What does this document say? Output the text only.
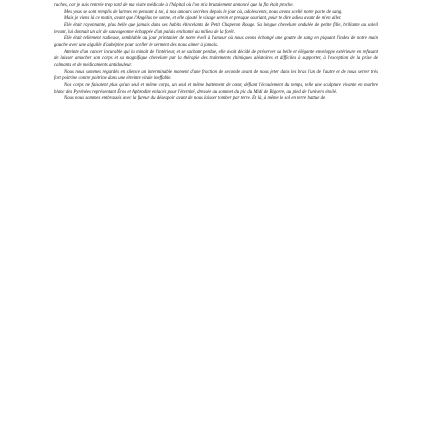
ruches, car je suis rentrée trop tard de ma visite médicale à l'hôpital où l'on m'a brutalement annoncé que la fin était proche.

Mes yeux se sont remplis de larmes en pensant à toi, à nos amours secrètes depuis le jour où, adolescents, nous avons scellé notre pacte de sang.

Mais je viens là ce matin, avant que l'Angélus ne sonne, et elle ajouté le visage serein et presque souriant, pour te dire adieu avant de m'en aller.

Elle était rayonnante, plus belle que jamais dans ses habits étincelants de Petit Chaperon Rouge. Sa longue chevelure ondulée de petite fille, brillante au soleil levant, lui donnait un air de sauvageonne échappée d'un palais enchanté au milieu de la forêt.

Elle était tellement radieuse, semblable au jour printanier de notre éveil à l'amour où nous avons échangé une goutte de sang en piquant l'index de notre main gauche avec une aiguille d'aubépine pour sceller le serment des nous aimer à jamais.

Atteinte d'un cancer incurable qui la minait de l'intérieur, et se sachant perdue, elle avait décidé de préserver sa belle et élégante enveloppe extérieure en refusant de laisser amocher son corps et sa magnifique chevelure par la thérapie des traitements chimiques aléatoires et difficiles à supporter, à l'exception de la prise de calmants et de médicaments antidouleur.

Nous nous sommes regardés en silence un interminable moment d'une fraction de seconde avant de nous jeter dans les bras l'un de l'autre et de nous serrer très fort poitrine contre poitrine dans une étreinte vitale ineffable.

Nos corps ne faisaient plus qu'un seul et même corps, un seul et même battement de cœur, défiant l'écoulement du temps, telle une sculpture vivante en marbre blanc des Pyrénées représentant Éros et Aphrodite enlacés pour l'éternité, dressée au sommet du pic du Midi de Bigorre, au pied de l'univers étoilé.

Nous nous sommes embrassés avec la fureur du désespoir avant de nous laisser tomber par terre. Et là, à même le sol en terre battue de
